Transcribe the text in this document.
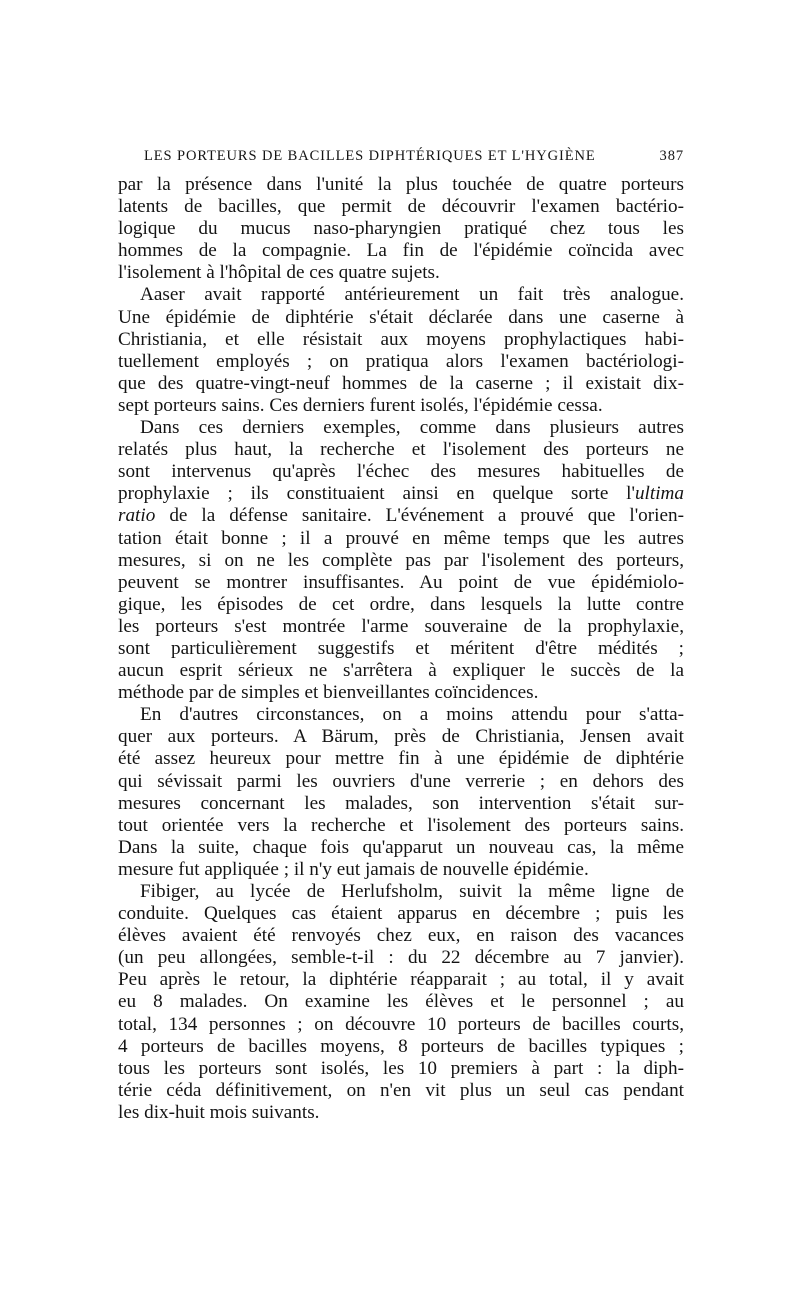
LES PORTEURS DE BACILLES DIPHTÉRIQUES ET L'HYGIÈNE	387
par la présence dans l'unité la plus touchée de quatre porteurs
latents de bacilles, que permit de découvrir l'examen bactério-
logique du mucus naso-pharyngien pratiqué chez tous les
hommes de la compagnie. La fin de l'épidémie coïncida avec
l'isolement à l'hôpital de ces quatre sujets.
Aaser avait rapporté antérieurement un fait très analogue.
Une épidémie de diphtérie s'était déclarée dans une caserne à
Christiania, et elle résistait aux moyens prophylactiques habi-
tuellement employés ; on pratiqua alors l'examen bactériologi-
que des quatre-vingt-neuf hommes de la caserne ; il existait dix-
sept porteurs sains. Ces derniers furent isolés, l'épidémie cessa.
Dans ces derniers exemples, comme dans plusieurs autres
relatés plus haut, la recherche et l'isolement des porteurs ne
sont intervenus qu'après l'échec des mesures habituelles de
prophylaxie ; ils constituaient ainsi en quelque sorte l'ultima
ratio de la défense sanitaire. L'événement a prouvé que l'orien-
tation était bonne ; il a prouvé en même temps que les autres
mesures, si on ne les complète pas par l'isolement des porteurs,
peuvent se montrer insuffisantes. Au point de vue épidémiolo-
gique, les épisodes de cet ordre, dans lesquels la lutte contre
les porteurs s'est montrée l'arme souveraine de la prophylaxie,
sont particulièrement suggestifs et méritent d'être médités ;
aucun esprit sérieux ne s'arrêtera à expliquer le succès de la
méthode par de simples et bienveillantes coïncidences.
En d'autres circonstances, on a moins attendu pour s'atta-
quer aux porteurs. A Bärum, près de Christiania, Jensen avait
été assez heureux pour mettre fin à une épidémie de diphtérie
qui sévissait parmi les ouvriers d'une verrerie ; en dehors des
mesures concernant les malades, son intervention s'était sur-
tout orientée vers la recherche et l'isolement des porteurs sains.
Dans la suite, chaque fois qu'apparut un nouveau cas, la même
mesure fut appliquée ; il n'y eut jamais de nouvelle épidémie.
Fibiger, au lycée de Herlufsholm, suivit la même ligne de
conduite. Quelques cas étaient apparus en décembre ; puis les
élèves avaient été renvoyés chez eux, en raison des vacances
(un peu allongées, semble-t-il : du 22 décembre au 7 janvier).
Peu après le retour, la diphtérie réapparait ; au total, il y avait
eu 8 malades. On examine les élèves et le personnel ; au
total, 134 personnes ; on découvre 10 porteurs de bacilles courts,
4 porteurs de bacilles moyens, 8 porteurs de bacilles typiques ;
tous les porteurs sont isolés, les 10 premiers à part : la diph-
térie céda définitivement, on n'en vit plus un seul cas pendant
les dix-huit mois suivants.
